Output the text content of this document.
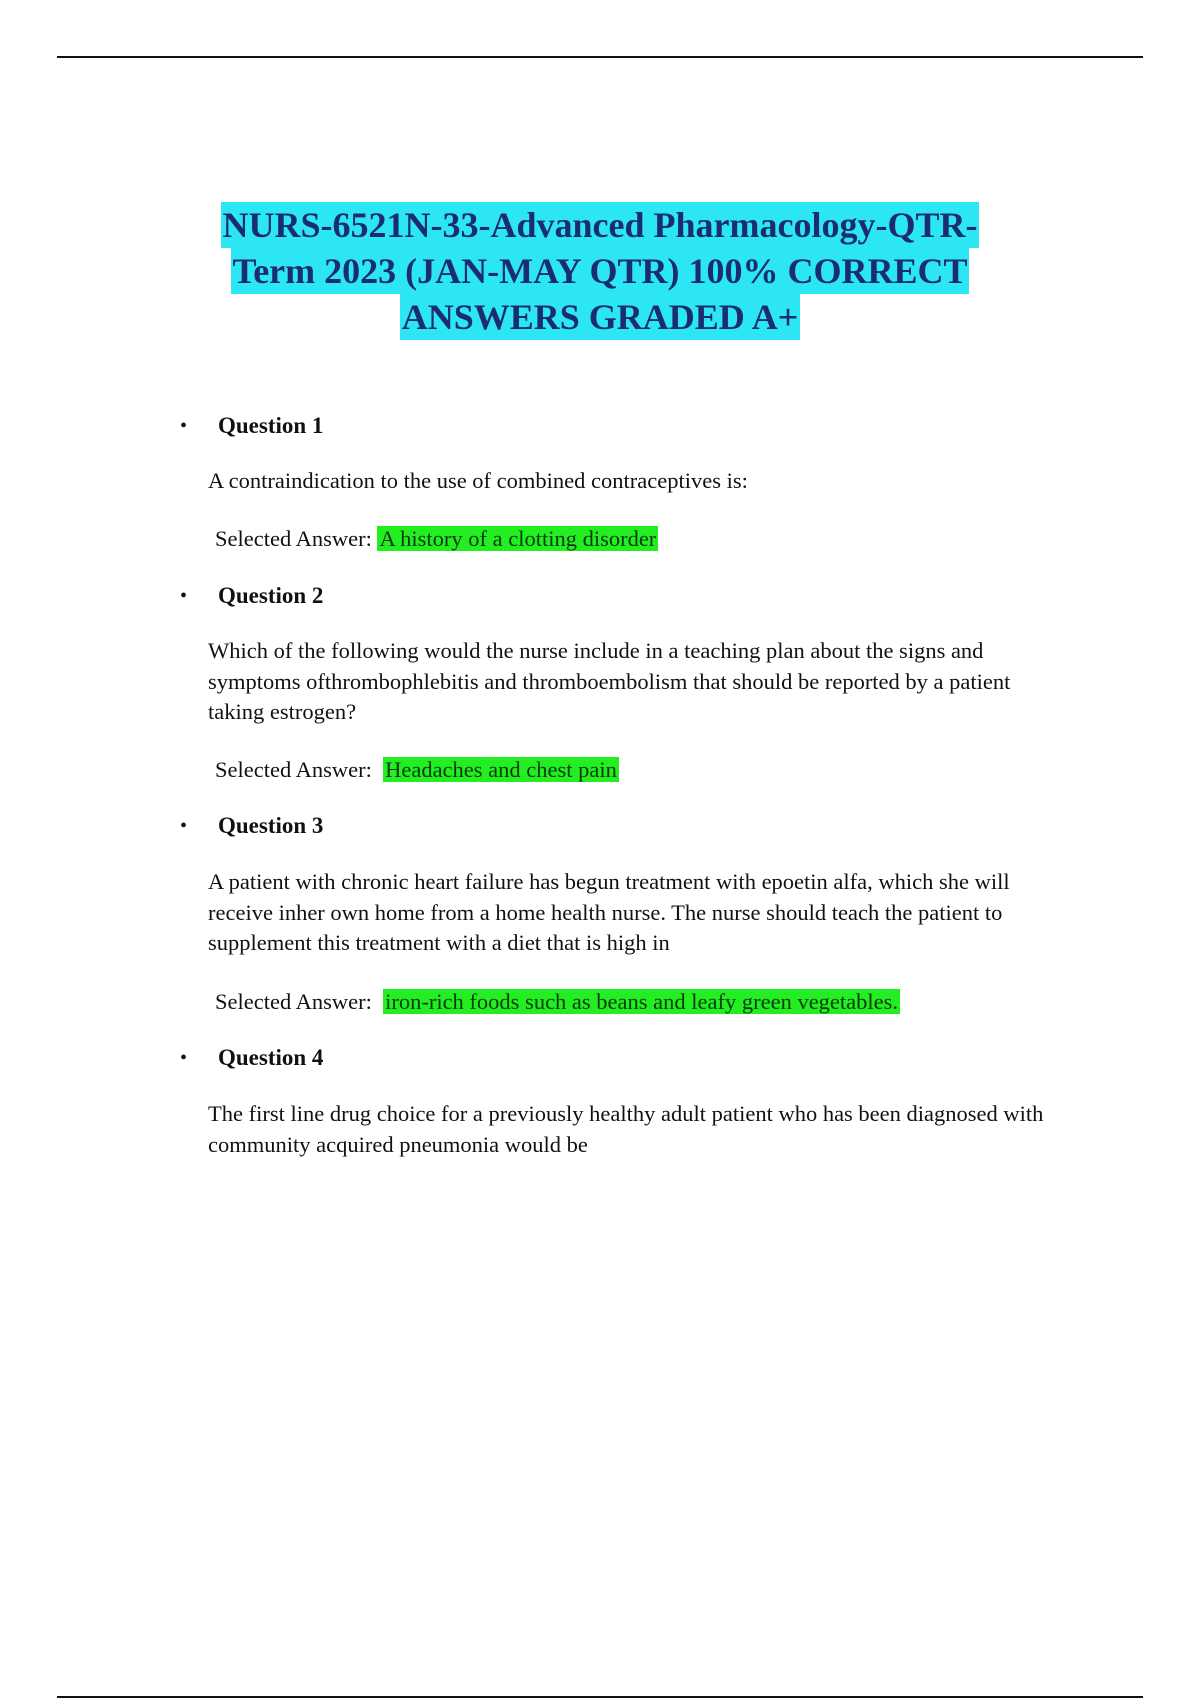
NURS-6521N-33-Advanced Pharmacology-QTR-
Term 2023 (JAN-MAY QTR) 100% CORRECT
ANSWERS GRADED A+
• Question 1
A contraindication to the use of combined contraceptives is:
Selected Answer: A history of a clotting disorder
• Question 2
Which of the following would the nurse include in a teaching plan about the signs and
symptoms ofthrombophlebitis and thromboembolism that should be reported by a patient
taking estrogen?
Selected Answer: Headaches and chest pain
• Question 3
A patient with chronic heart failure has begun treatment with epoetin alfa, which she will
receive inher own home from a home health nurse. The nurse should teach the patient to
supplement this treatment with a diet that is high in
Selected Answer: iron-rich foods such as beans and leafy green vegetables.
• Question 4
The first line drug choice for a previously healthy adult patient who has been diagnosed with
community acquired pneumonia would be
